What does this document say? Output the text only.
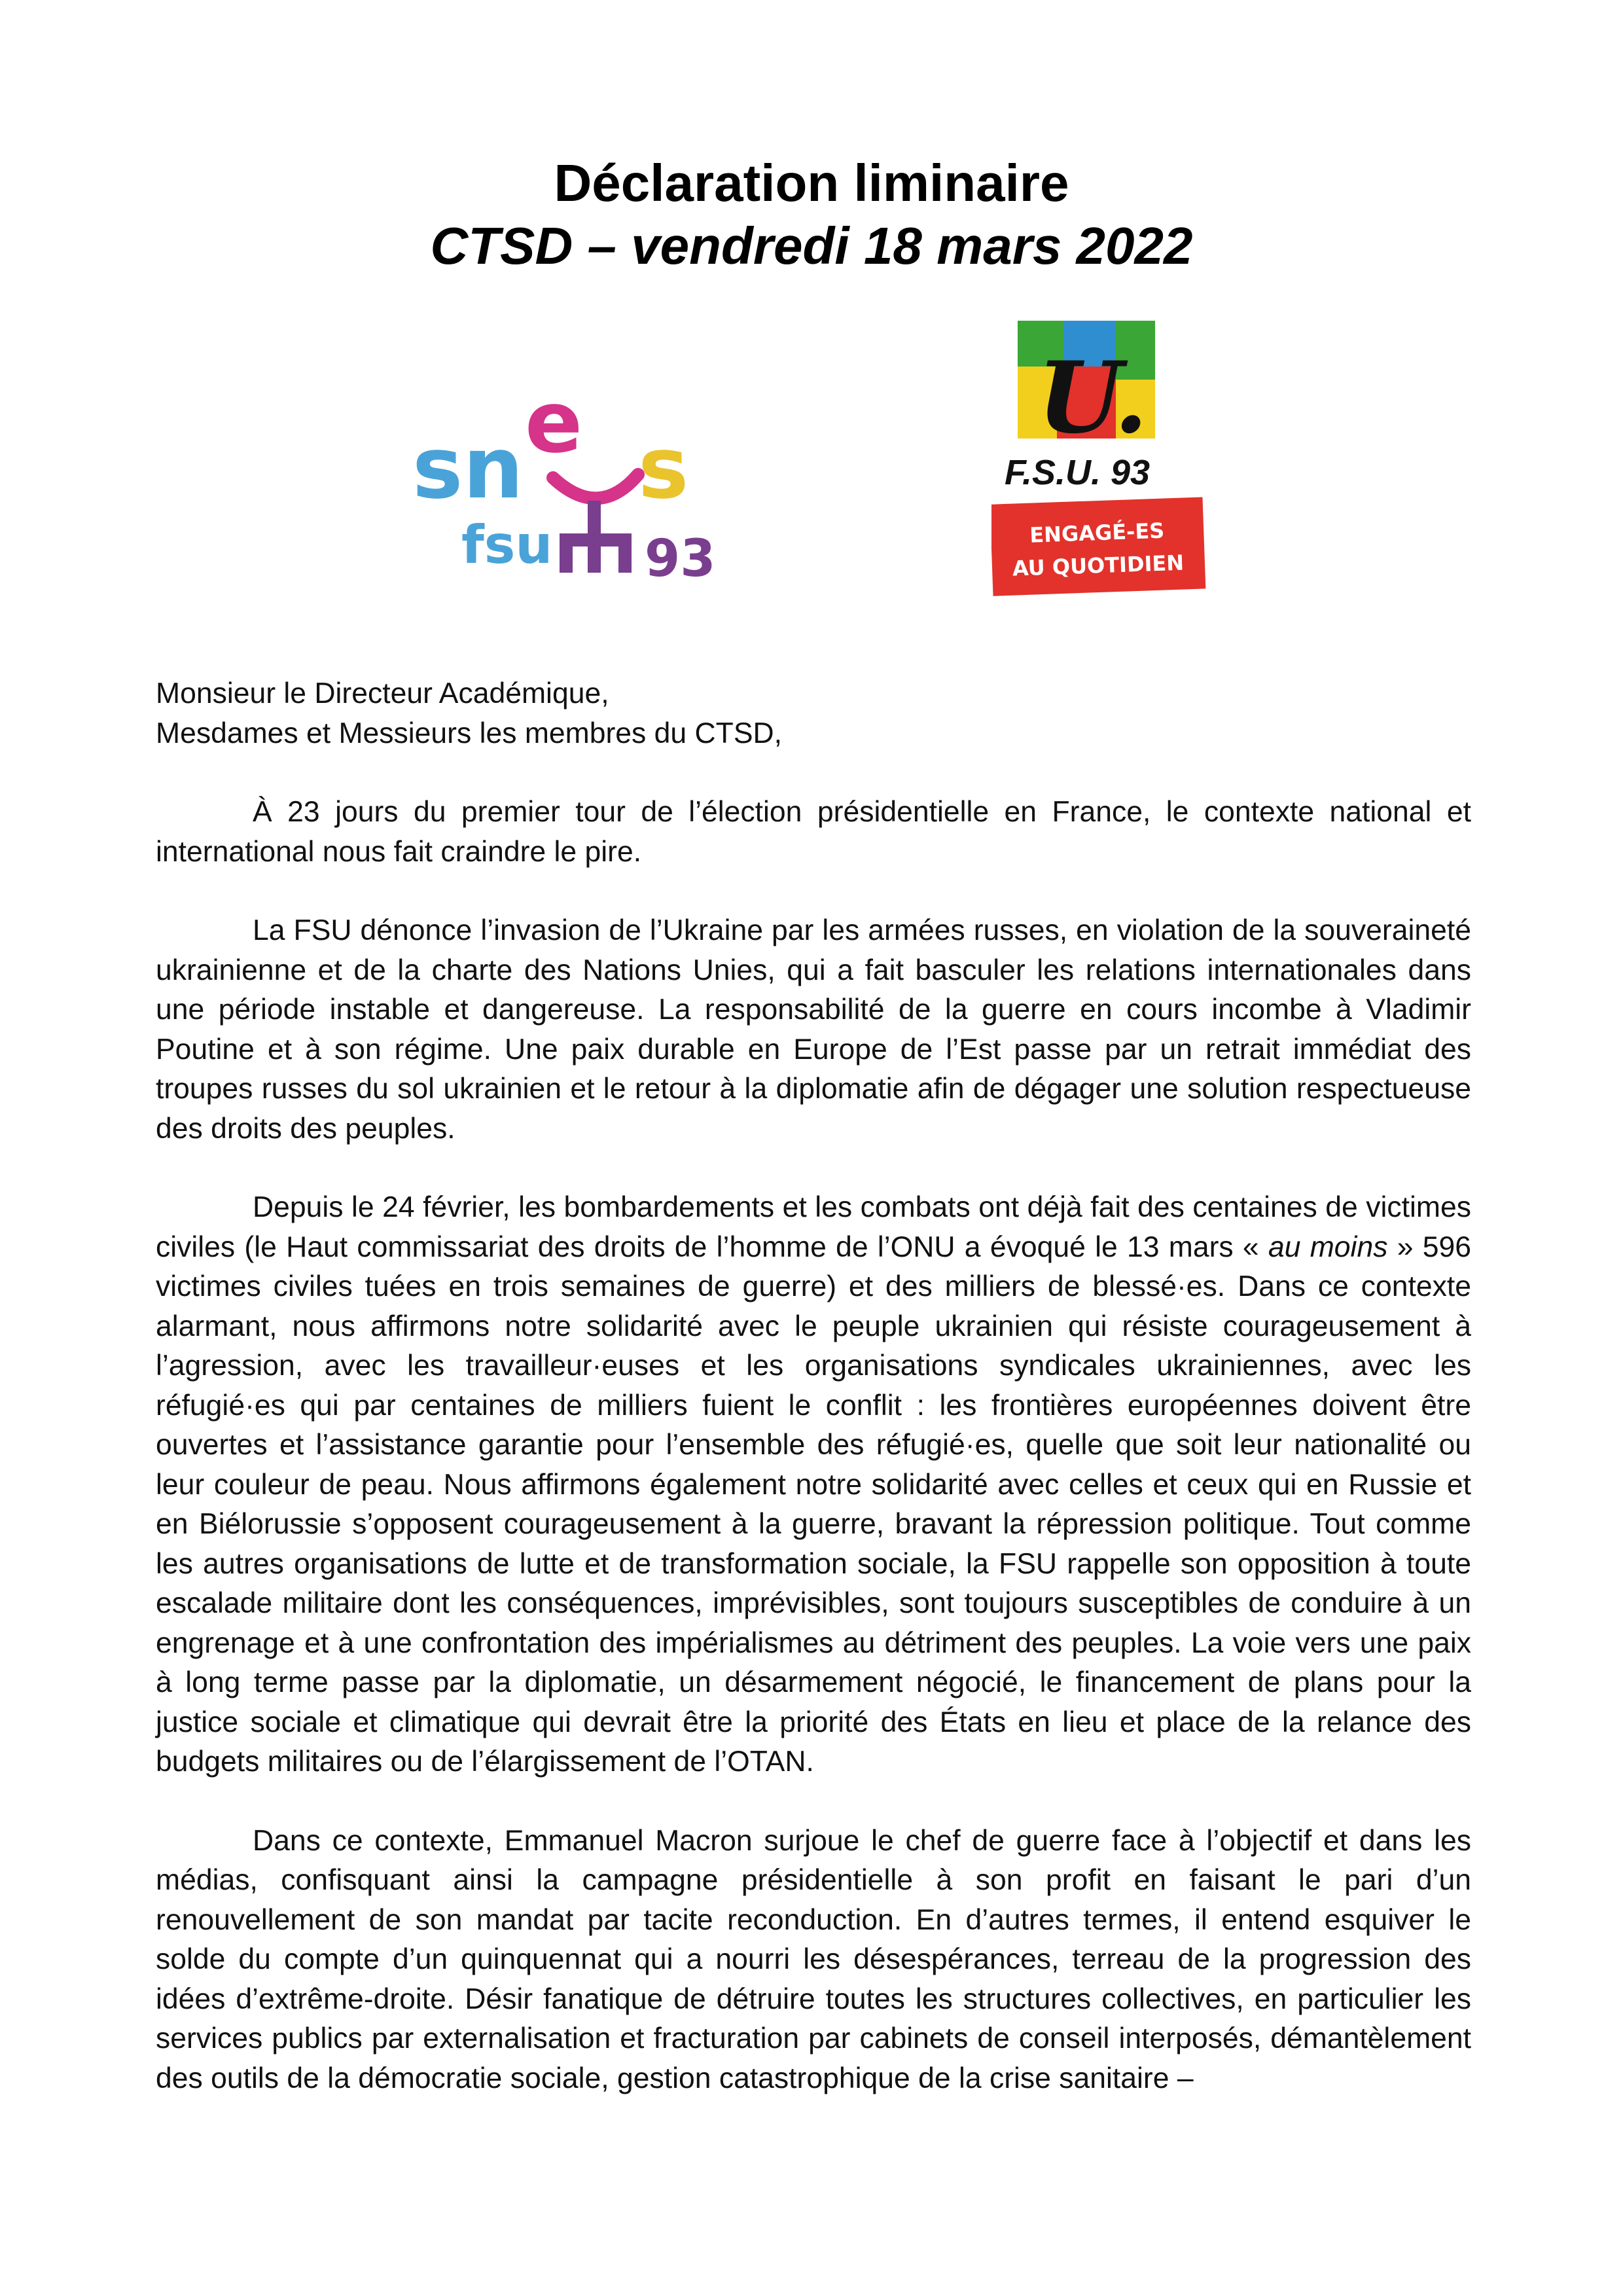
Déclaration liminaire

CTSD – vendredi 18 mars 2022
sn e s
fsu 93
U.
F.S.U. 93
ENGAGÉ-ES
AU QUOTIDIEN

Monsieur le Directeur Académique,

Mesdames et Messieurs les membres du CTSD,

À 23 jours du premier tour de l’élection présidentielle en France, le contexte national et international nous fait craindre le pire.

La FSU dénonce l’invasion de l’Ukraine par les armées russes, en violation de la souveraineté ukrainienne et de la charte des Nations Unies, qui a fait basculer les relations internationales dans une période instable et dangereuse. La responsabilité de la guerre en cours incombe à Vladimir Poutine et à son régime. Une paix durable en Europe de l’Est passe par un retrait immédiat des troupes russes du sol ukrainien et le retour à la diplomatie afin de dégager une solution respectueuse des droits des peuples.

Depuis le 24 février, les bombardements et les combats ont déjà fait des centaines de victimes civiles (le Haut commissariat des droits de l’homme de l’ONU a évoqué le 13 mars « au moins » 596 victimes civiles tuées en trois semaines de guerre) et des milliers de blessé·es. Dans ce contexte alarmant, nous affirmons notre solidarité avec le peuple ukrainien qui résiste courageusement à l’agression, avec les travailleur·euses et les organisations syndicales ukrainiennes, avec les réfugié·es qui par centaines de milliers fuient le conflit : les frontières européennes doivent être ouvertes et l’assistance garantie pour l’ensemble des réfugié·es, quelle que soit leur nationalité ou leur couleur de peau. Nous affirmons également notre solidarité avec celles et ceux qui en Russie et en Biélorussie s’opposent courageusement à la guerre, bravant la répression politique. Tout comme les autres organisations de lutte et de transformation sociale, la FSU rappelle son opposition à toute escalade militaire dont les conséquences, imprévisibles, sont toujours susceptibles de conduire à un engrenage et à une confrontation des impérialismes au détriment des peuples. La voie vers une paix à long terme passe par la diplomatie, un désarmement négocié, le financement de plans pour la justice sociale et climatique qui devrait être la priorité des États en lieu et place de la relance des budgets militaires ou de l’élargissement de l’OTAN.

Dans ce contexte, Emmanuel Macron surjoue le chef de guerre face à l’objectif et dans les médias, confisquant ainsi la campagne présidentielle à son profit en faisant le pari d’un renouvellement de son mandat par tacite reconduction. En d’autres termes, il entend esquiver le solde du compte d’un quinquennat qui a nourri les désespérances, terreau de la progression des idées d’extrême-droite. Désir fanatique de détruire toutes les structures collectives, en particulier les services publics par externalisation et fracturation par cabinets de conseil interposés, démantèlement des outils de la démocratie sociale, gestion catastrophique de la crise sanitaire –
